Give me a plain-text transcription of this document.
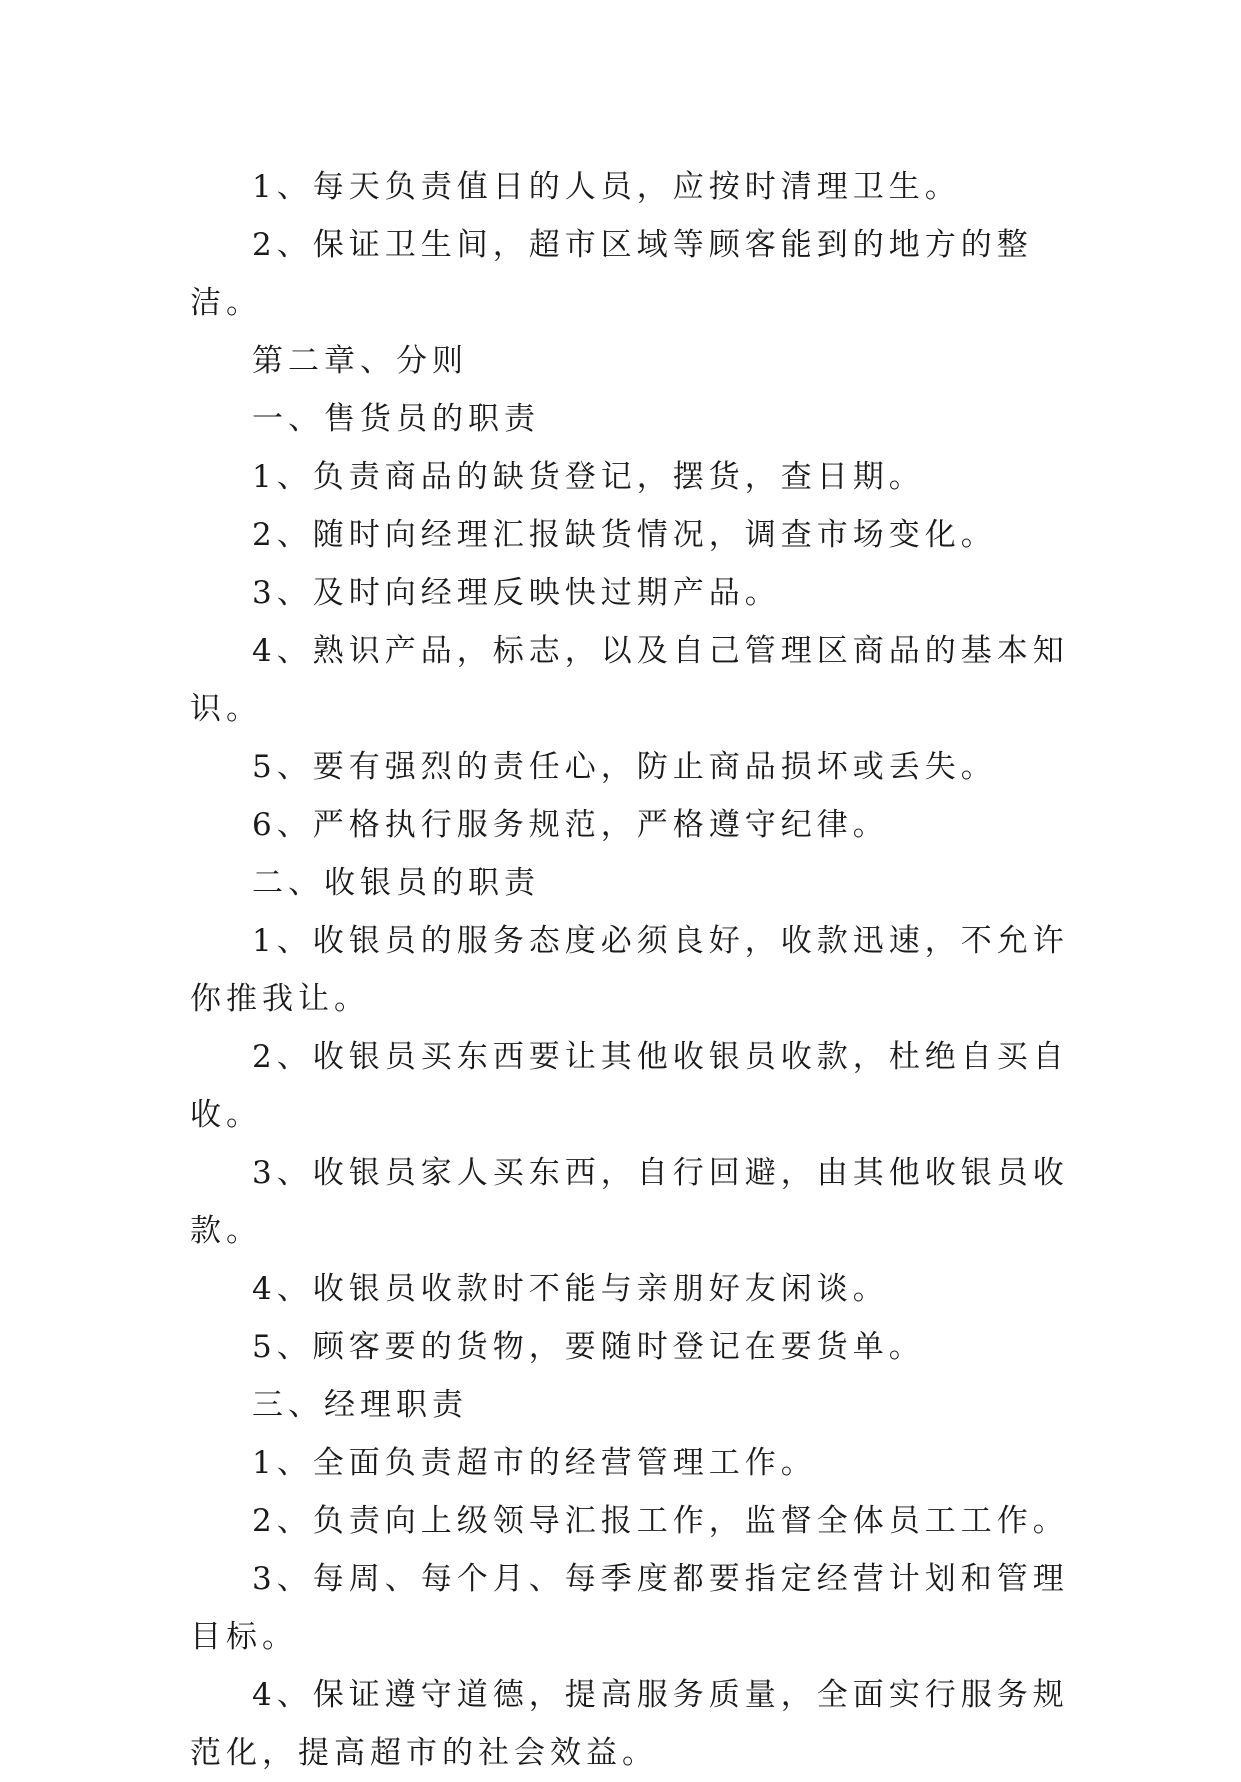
1、每天负责值日的人员，应按时清理卫生。

2、保证卫生间，超市区域等顾客能到的地方的整洁。

第二章、分则

一、售货员的职责

1、负责商品的缺货登记，摆货，查日期。

2、随时向经理汇报缺货情况，调查市场变化。

3、及时向经理反映快过期产品。

4、熟识产品，标志，以及自己管理区商品的基本知识。

5、要有强烈的责任心，防止商品损坏或丢失。

6、严格执行服务规范，严格遵守纪律。

二、收银员的职责

1、收银员的服务态度必须良好，收款迅速，不允许你推我让。

2、收银员买东西要让其他收银员收款，杜绝自买自收。

3、收银员家人买东西，自行回避，由其他收银员收款。

4、收银员收款时不能与亲朋好友闲谈。

5、顾客要的货物，要随时登记在要货单。

三、经理职责

1、全面负责超市的经营管理工作。

2、负责向上级领导汇报工作，监督全体员工工作。

3、每周、每个月、每季度都要指定经营计划和管理目标。

4、保证遵守道德，提高服务质量，全面实行服务规范化，提高超市的社会效益。
